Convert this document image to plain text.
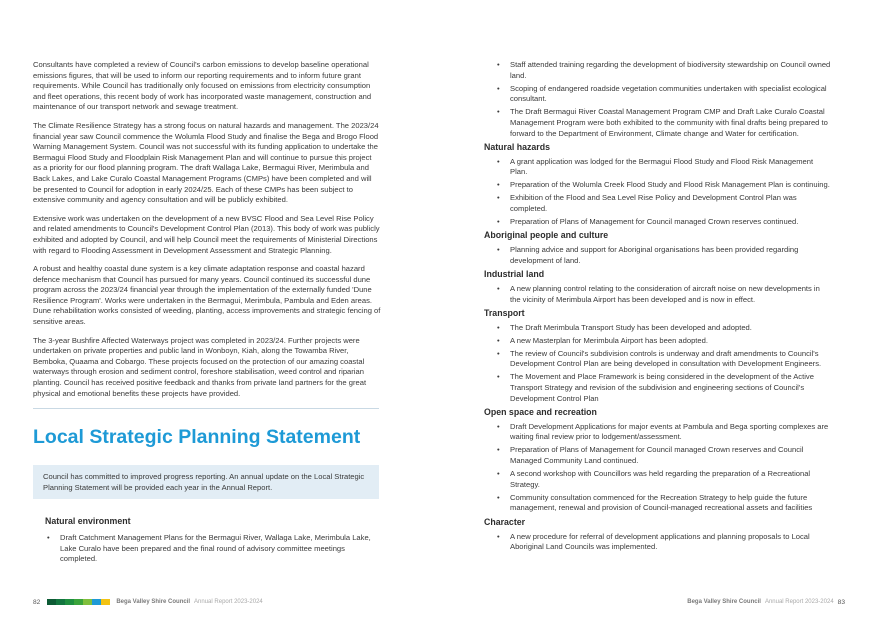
Consultants have completed a review of Council's carbon emissions to develop baseline operational emissions figures, that will be used to inform our reporting requirements and to inform future grant requirements. While Council has traditionally only focused on emissions from electricity consumption and fleet operations, this recent body of work has incorporated waste management, construction and maintenance of our transport network and sewage treatment.

The Climate Resilience Strategy has a strong focus on natural hazards and management. The 2023/24 financial year saw Council commence the Wolumla Flood Study and finalise the Bega and Brogo Flood Warning Management System. Council was not successful with its funding application to undertake the Bermagui Flood Study and Floodplain Risk Management Plan and will continue to pursue this project as a priority for our flood planning program. The draft Wallaga Lake, Bermagui River, Merimbula and Back Lakes, and Lake Curalo Coastal Management Programs (CMPs) have been completed and will be presented to Council for adoption in early 2024/25. Each of these CMPs has been subject to extensive community and agency consultation and will be publicly exhibited.

Extensive work was undertaken on the development of a new BVSC Flood and Sea Level Rise Policy and related amendments to Council's Development Control Plan (2013). This body of work was publicly exhibited and adopted by Council, and will help Council meet the requirements of Ministerial Directions with regard to Flooding Assessment in Development Assessment and Strategic Planning.

A robust and healthy coastal dune system is a key climate adaptation response and coastal hazard defence mechanism that Council has pursued for many years. Council continued its successful dune program across the 2023/24 financial year through the implementation of the externally funded 'Dune Resilience Program'. Works were undertaken in the Bermagui, Merimbula, Pambula and Eden areas. Dune rehabilitation works consisted of weeding, planting, access improvements and strategic fencing of sensitive areas.

The 3-year Bushfire Affected Waterways project was completed in 2023/24. Further projects were undertaken on private properties and public land in Wonboyn, Kiah, along the Towamba River, Bemboka, Quaama and Cobargo. These projects focused on the protection of our amazing coastal waterways through erosion and sediment control, foreshore stabilisation, weed control and riparian planting. Council has received positive feedback and thanks from private land partners for the great physical and emotional benefits these projects have provided.

Local Strategic Planning Statement
Council has committed to improved progress reporting. An annual update on the Local Strategic Planning Statement will be provided each year in the Annual Report.
Natural environment
• Draft Catchment Management Plans for the Bermagui River, Wallaga Lake, Merimbula Lake, Lake Curalo have been prepared and the final round of advisory committee meetings completed.
• Staff attended training regarding the development of biodiversity stewardship on Council owned land.
• Scoping of endangered roadside vegetation communities undertaken with specialist ecological consultant.
• The Draft Bermagui River Coastal Management Program CMP and Draft Lake Curalo Coastal Management Program were both exhibited to the community with final drafts being prepared to forward to the Department of Environment, Climate change and Water for certification.
Natural hazards
• A grant application was lodged for the Bermagui Flood Study and Flood Risk Management Plan.
• Preparation of the Wolumla Creek Flood Study and Flood Risk Management Plan is continuing.
• Exhibition of the Flood and Sea Level Rise Policy and Development Control Plan was completed.
• Preparation of Plans of Management for Council managed Crown reserves continued.
Aboriginal people and culture
• Planning advice and support for Aboriginal organisations has been provided regarding development of land.
Industrial land
• A new planning control relating to the consideration of aircraft noise on new developments in the vicinity of Merimbula Airport has been developed and is now in effect.
Transport
• The Draft Merimbula Transport Study has been developed and adopted.
• A new Masterplan for Merimbula Airport has been adopted.
• The review of Council's subdivision controls is underway and draft amendments to Council's Development Control Plan are being developed in consultation with Development Engineers.
• The Movement and Place Framework is being considered in the development of the Active Transport Strategy and revision of the subdivision and engineering sections of Council's Development Control Plan
Open space and recreation
• Draft Development Applications for major events at Pambula and Bega sporting complexes are waiting final review prior to lodgement/assessment.
• Preparation of Plans of Management for Council managed Crown reserves and Council Managed Community Land continued.
• A second workshop with Councillors was held regarding the preparation of a Recreational Strategy.
• Community consultation commenced for the Recreation Strategy to help guide the future management, renewal and provision of Council-managed recreational assets and facilities
Character
• A new procedure for referral of development applications and planning proposals to Local Aboriginal Land Councils was implemented.
82	Bega Valley Shire Council Annual Report 2023-2024	Bega Valley Shire Council Annual Report 2023-2024 83
